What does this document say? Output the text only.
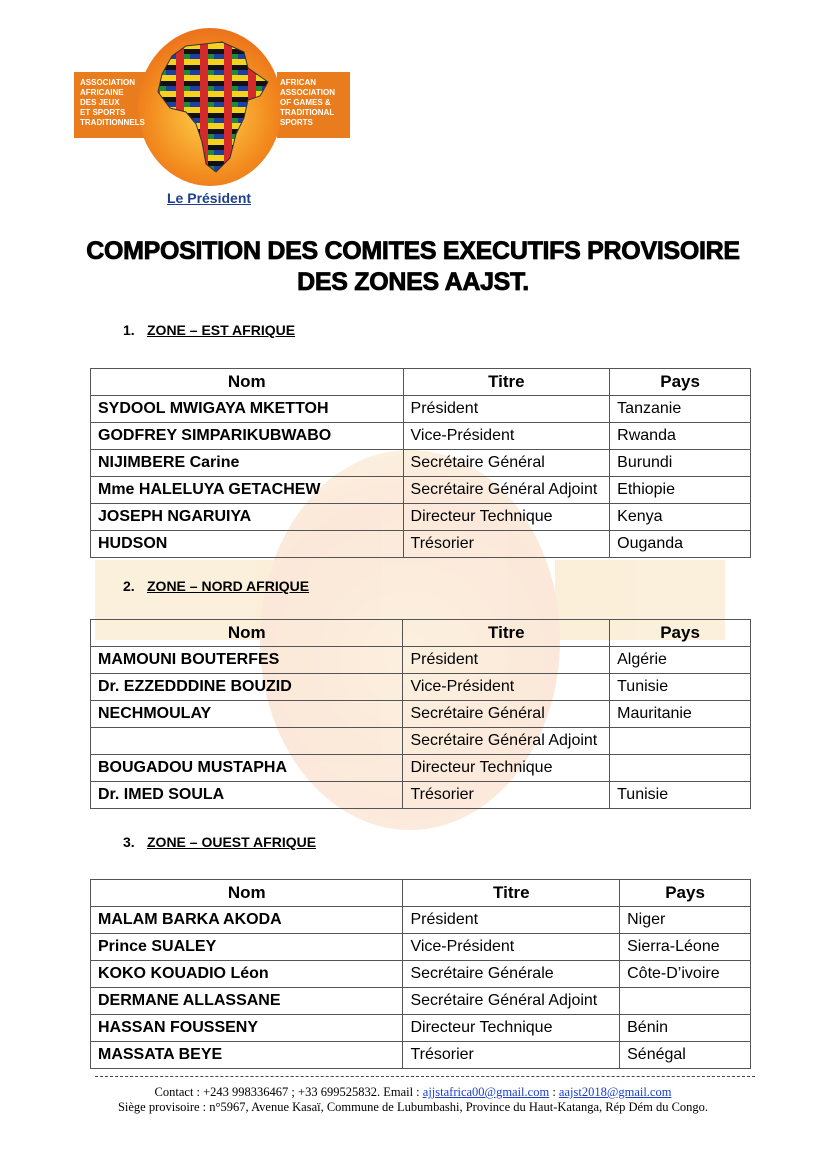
ASSOCIATION
AFRICAINE
DES JEUX
ET SPORTS
TRADITIONNELS
AFRICAN
ASSOCIATION
OF GAMES &
TRADITIONAL
SPORTS
Le Président
COMPOSITION DES COMITES EXECUTIFS PROVISOIRE
DES ZONES AAJST.
1. ZONE – EST AFRIQUE
Nom	Titre	Pays
SYDOOL MWIGAYA MKETTOH	Président	Tanzanie
GODFREY SIMPARIKUBWABO	Vice-Président	Rwanda
NIJIMBERE Carine	Secrétaire Général	Burundi
Mme HALELUYA GETACHEW	Secrétaire Général Adjoint	Ethiopie
JOSEPH NGARUIYA	Directeur Technique	Kenya
HUDSON	Trésorier	Ouganda
2. ZONE – NORD AFRIQUE
Nom	Titre	Pays
MAMOUNI BOUTERFES	Président	Algérie
Dr. EZZEDDDINE BOUZID	Vice-Président	Tunisie
NECHMOULAY	Secrétaire Général	Mauritanie
	Secrétaire Général Adjoint	
BOUGADOU MUSTAPHA	Directeur Technique	
Dr. IMED SOULA	Trésorier	Tunisie
3. ZONE – OUEST AFRIQUE
Nom	Titre	Pays
MALAM BARKA AKODA	Président	Niger
Prince SUALEY	Vice-Président	Sierra-Léone
KOKO KOUADIO Léon	Secrétaire Générale	Côte-D’ivoire
DERMANE ALLASSANE	Secrétaire Général Adjoint	
HASSAN FOUSSENY	Directeur Technique	Bénin
MASSATA BEYE	Trésorier	Sénégal
Contact : +243 998336467 ; +33 699525832. Email : ajjstafrica00@gmail.com : aajst2018@gmail.com
Siège provisoire : n°5967, Avenue Kasaï, Commune de Lubumbashi, Province du Haut-Katanga, Rép Dém du Congo.
